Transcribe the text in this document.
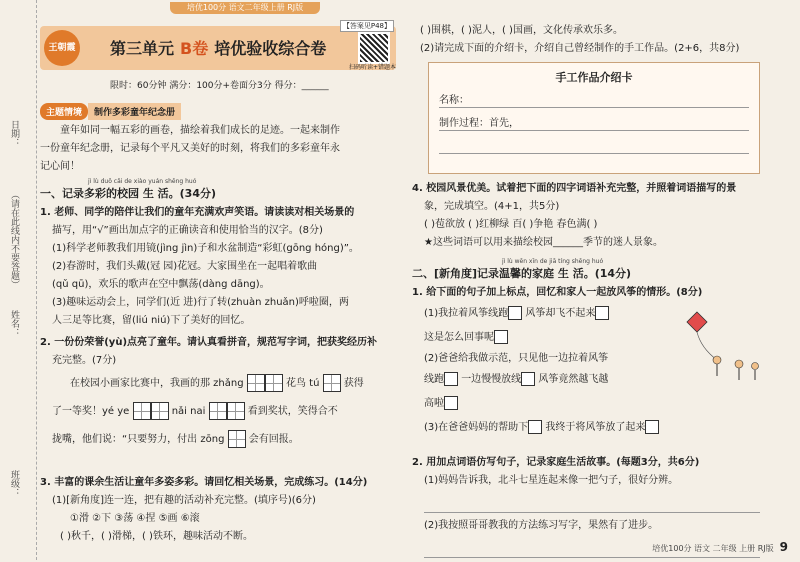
日期：
（请在此线内不要答题）
姓名：
班级：
培优100分 语文二年级上册 RJ版
王朝霞 第三单元 B卷 培优验收综合卷
【答案见P48】
扫码听读+错题本
限时：60分钟 满分：100分+卷面分3分 得分：______
主题情境 制作多彩童年纪念册

童年如同一幅五彩的画卷，描绘着我们成长的足迹。一起来制作

一份童年纪念册，记录每个平凡又美好的时刻，将我们的多彩童年永

记心间！

jì lù duō cǎi de xiào yuán shēng huó

一、记录多彩的校园 生 活。(34分)

1. 老师、同学的陪伴让我们的童年充满欢声笑语。请读读对相关场景的

描写，用“√”画出加点字的正确读音和使用恰当的汉字。(8分)

(1)科学老师教我们用镜(jìng jìn)子和水盆制造“彩虹(gōng hóng)”。

(2)春游时，我们头戴(冠 园)花冠。大家围坐在一起唱着歌曲

(qǔ qū)，欢乐的歌声在空中飘荡(dàng dāng)。

(3)趣味运动会上，同学们(近 进)行了转(zhuàn zhuǎn)呼啦圈，两

人三足等比赛，留(liú niú)下了美好的回忆。

2. 一份份荣誉(yù)点亮了童年。请认真看拼音，规范写字词，把获奖经历补

充完整。(7分)

在校园小画家比赛中，我画的那 zhǎng	花鸟 tú 获得

了一等奖！yé ye	nǎi nai	看到奖状，笑得合不

拢嘴，他们说：“只要努力，付出 zōng 会有回报。

3. 丰富的课余生活让童年多姿多彩。请回忆相关场景，完成练习。(14分)

(1)[新角度]连一连，把有趣的活动补充完整。(填序号)(6分)

①滑 ②下 ③荡 ④捏 ⑤画 ⑥滚

( )秋千，( )滑梯，( )铁环，趣味活动不断。

( )围棋，( )泥人，( )国画，文化传承欢乐多。

(2)请完成下面的介绍卡，介绍自己曾经制作的手工作品。(2+6，共8分)

手工作品介绍卡
名称：
制作过程：首先，

4. 校园风景优美。试着把下面的四字词语补充完整，并照着词语描写的景

象，完成填空。(4+1，共5分)

( )苞欲放 ( )红柳绿 百( )争艳 春色满( )

★这些词语可以用来描绘校园______季节的迷人景象。

jì lù wēn xīn de jiā tíng shēng huó

二、[新角度]记录温馨的家庭 生 活。(14分)

1. 给下面的句子加上标点，回忆和家人一起放风筝的情形。(8分)

(1)我拉着风筝线跑 风筝却飞不起来

这是怎么回事呢

(2)爸爸给我做示范，只见他一边拉着风筝

线跑 一边慢慢放线 风筝竟然越飞越

高啦

(3)在爸爸妈妈的帮助下 我终于将风筝放了起来

2. 用加点词语仿写句子，记录家庭生活故事。(每题3分，共6分)

(1)妈妈告诉我，北斗七星连起来像一把勺子，很好分辨。

(2)我按照哥哥教我的方法练习写字，果然有了进步。

培优100分 语文 二年级 上册 RJ版 9
